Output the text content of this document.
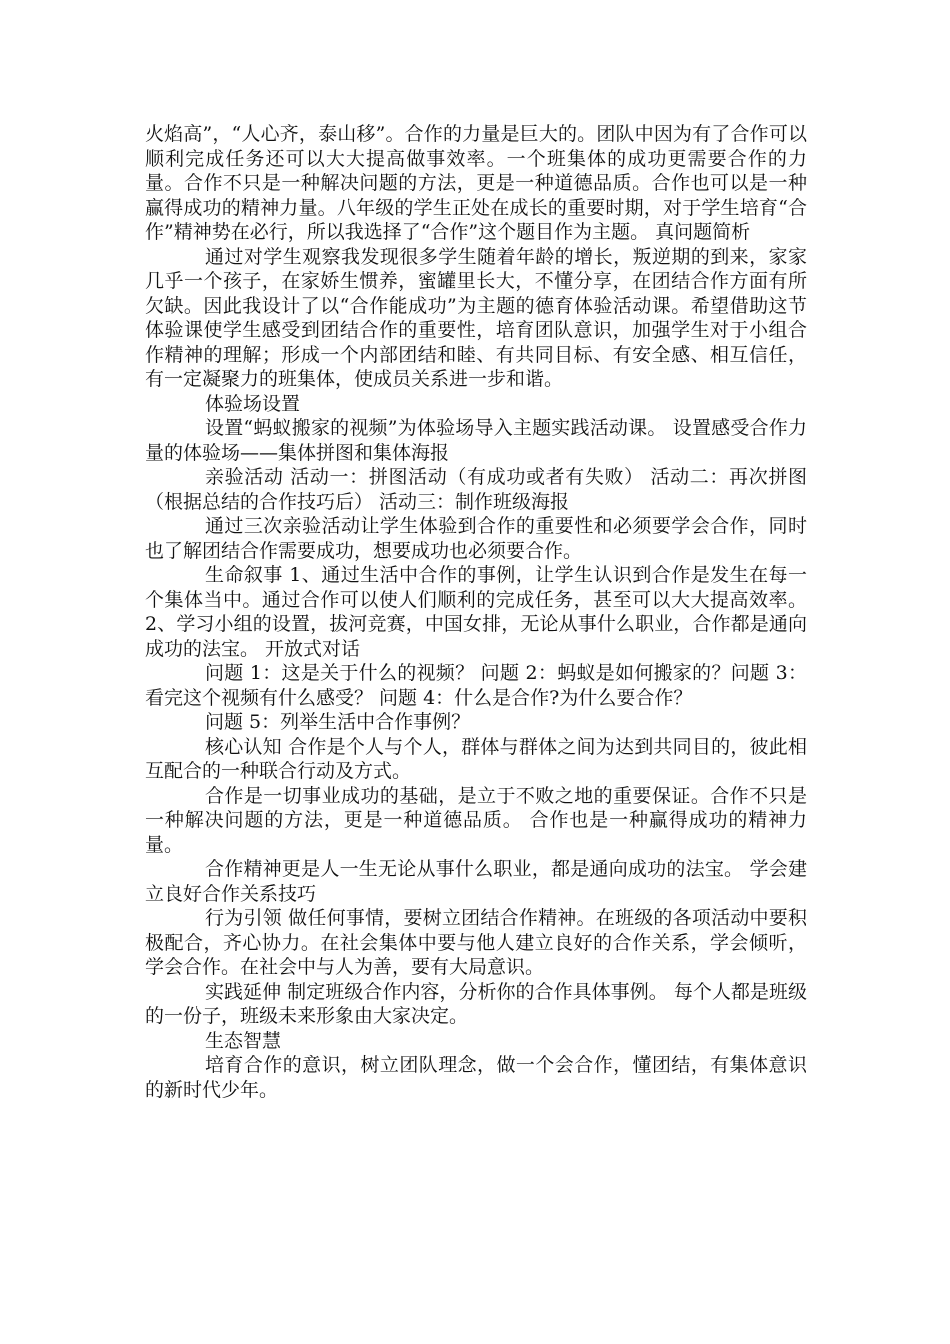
火焰高”，“人心齐，泰山移”。合作的力量是巨大的。团队中因为有了合作可以顺利完成任务还可以大大提高做事效率。一个班集体的成功更需要合作的力量。合作不只是一种解决问题的方法，更是一种道德品质。合作也可以是一种赢得成功的精神力量。八年级的学生正处在成长的重要时期，对于学生培育“合作”精神势在必行，所以我选择了“合作”这个题目作为主题。 真问题简析

通过对学生观察我发现很多学生随着年龄的增长，叛逆期的到来，家家几乎一个孩子，在家娇生惯养，蜜罐里长大，不懂分享，在团结合作方面有所欠缺。因此我设计了以“合作能成功”为主题的德育体验活动课。希望借助这节体验课使学生感受到团结合作的重要性，培育团队意识，加强学生对于小组合作精神的理解；形成一个内部团结和睦、有共同目标、有安全感、相互信任，有一定凝聚力的班集体，使成员关系进一步和谐。

体验场设置

设置“蚂蚁搬家的视频”为体验场导入主题实践活动课。 设置感受合作力量的体验场——集体拼图和集体海报

亲验活动 活动一：拼图活动（有成功或者有失败） 活动二：再次拼图 （根据总结的合作技巧后） 活动三：制作班级海报

通过三次亲验活动让学生体验到合作的重要性和必须要学会合作，同时也了解团结合作需要成功，想要成功也必须要合作。

生命叙事 1、通过生活中合作的事例，让学生认识到合作是发生在每一个集体当中。通过合作可以使人们顺利的完成任务，甚至可以大大提高效率。 2、学习小组的设置，拔河竞赛，中国女排，无论从事什么职业，合作都是通向成功的法宝。 开放式对话

问题 1：这是关于什么的视频？ 问题 2：蚂蚁是如何搬家的？问题 3：看完这个视频有什么感受？ 问题 4：什么是合作?为什么要合作？

问题 5：列举生活中合作事例？

核心认知 合作是个人与个人，群体与群体之间为达到共同目的，彼此相互配合的一种联合行动及方式。

合作是一切事业成功的基础，是立于不败之地的重要保证。合作不只是一种解决问题的方法，更是一种道德品质。 合作也是一种赢得成功的精神力量。

合作精神更是人一生无论从事什么职业，都是通向成功的法宝。 学会建立良好合作关系技巧

行为引领 做任何事情，要树立团结合作精神。在班级的各项活动中要积极配合，齐心协力。在社会集体中要与他人建立良好的合作关系，学会倾听，学会合作。在社会中与人为善，要有大局意识。

实践延伸 制定班级合作内容，分析你的合作具体事例。 每个人都是班级的一份子，班级未来形象由大家决定。

生态智慧

培育合作的意识，树立团队理念，做一个会合作，懂团结，有集体意识的新时代少年。
